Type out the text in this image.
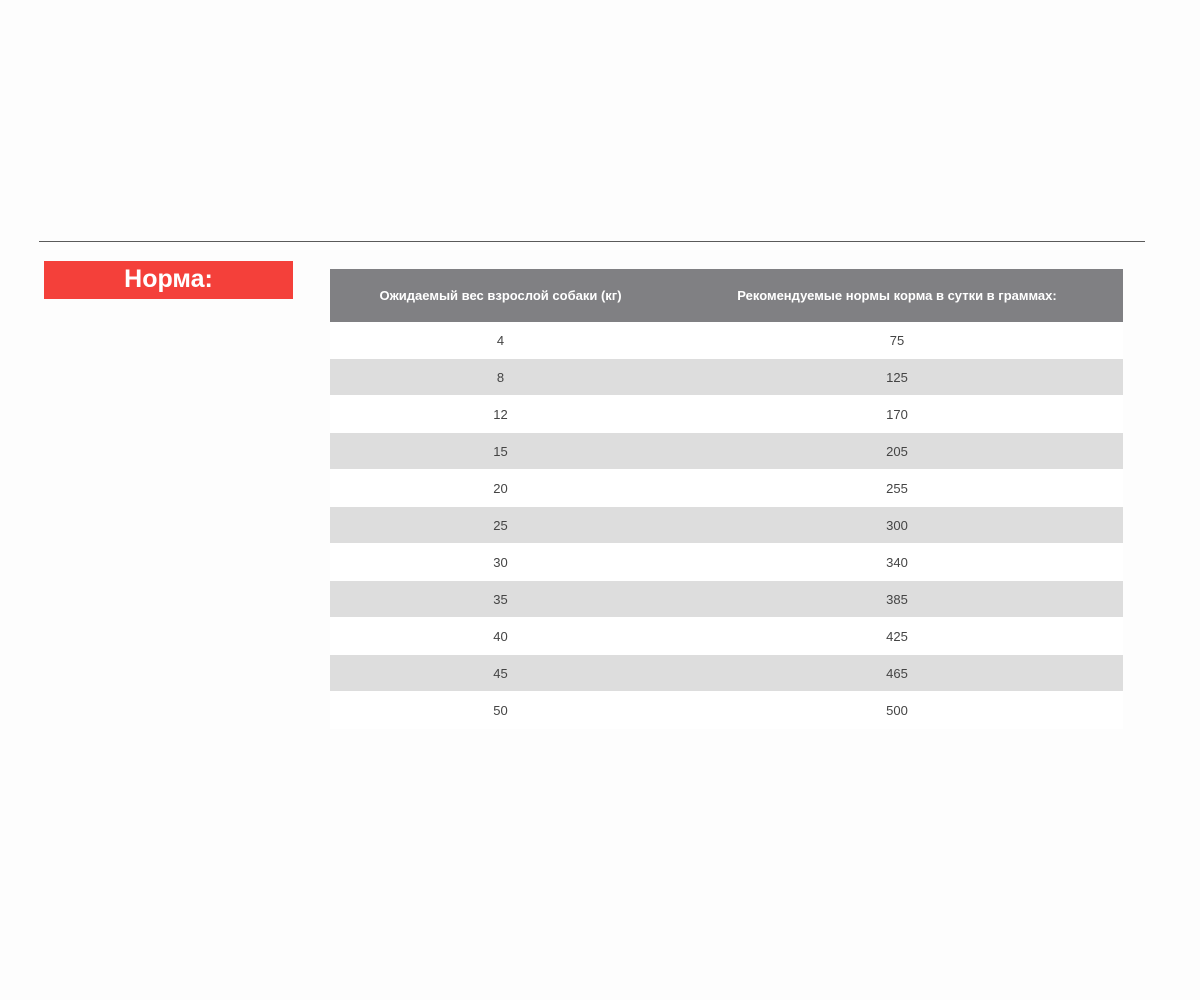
Норма:
Ожидаемый вес взрослой собаки (кг)	Рекомендуемые нормы корма в сутки в граммах:
4	75
8	125
12	170
15	205
20	255
25	300
30	340
35	385
40	425
45	465
50	500
